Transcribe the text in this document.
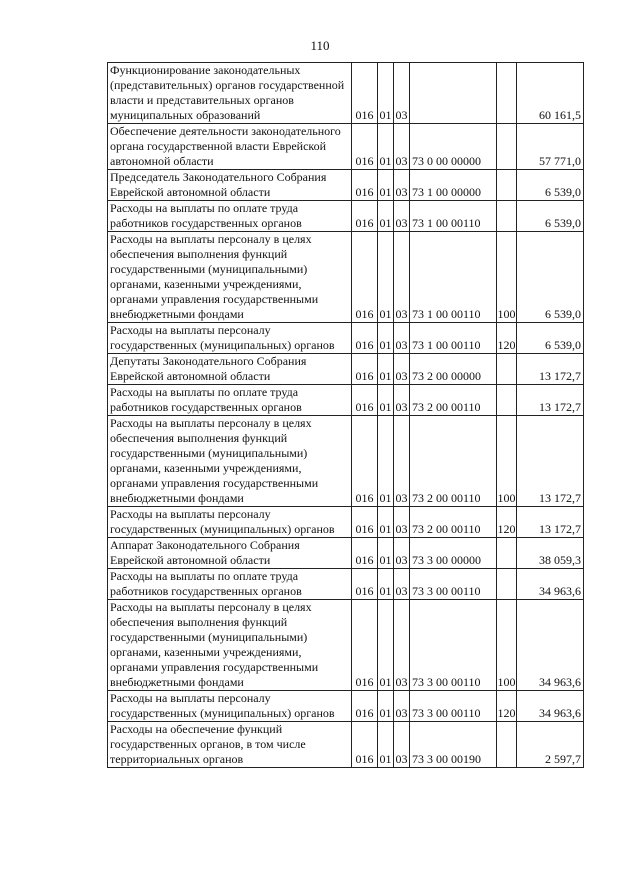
110
Функционирование законодательных (представительных) органов государственной власти и представительных органов муниципальных образований	016	01	03			60 161,5
Обеспечение деятельности законодательного органа государственной власти Еврейской автономной области	016	01	03	73 0 00 00000		57 771,0
Председатель Законодательного Собрания Еврейской автономной области	016	01	03	73 1 00 00000		6 539,0
Расходы на выплаты по оплате труда работников государственных органов	016	01	03	73 1 00 00110		6 539,0
Расходы на выплаты персоналу в целях обеспечения выполнения функций государственными (муниципальными) органами, казенными учреждениями, органами управления государственными внебюджетными фондами	016	01	03	73 1 00 00110	100	6 539,0
Расходы на выплаты персоналу государственных (муниципальных) органов	016	01	03	73 1 00 00110	120	6 539,0
Депутаты Законодательного Собрания Еврейской автономной области	016	01	03	73 2 00 00000		13 172,7
Расходы на выплаты по оплате труда работников государственных органов	016	01	03	73 2 00 00110		13 172,7
Расходы на выплаты персоналу в целях обеспечения выполнения функций государственными (муниципальными) органами, казенными учреждениями, органами управления государственными внебюджетными фондами	016	01	03	73 2 00 00110	100	13 172,7
Расходы на выплаты персоналу государственных (муниципальных) органов	016	01	03	73 2 00 00110	120	13 172,7
Аппарат Законодательного Собрания Еврейской автономной области	016	01	03	73 3 00 00000		38 059,3
Расходы на выплаты по оплате труда работников государственных органов	016	01	03	73 3 00 00110		34 963,6
Расходы на выплаты персоналу в целях обеспечения выполнения функций государственными (муниципальными) органами, казенными учреждениями, органами управления государственными внебюджетными фондами	016	01	03	73 3 00 00110	100	34 963,6
Расходы на выплаты персоналу государственных (муниципальных) органов	016	01	03	73 3 00 00110	120	34 963,6
Расходы на обеспечение функций государственных органов, в том числе территориальных органов	016	01	03	73 3 00 00190		2 597,7
